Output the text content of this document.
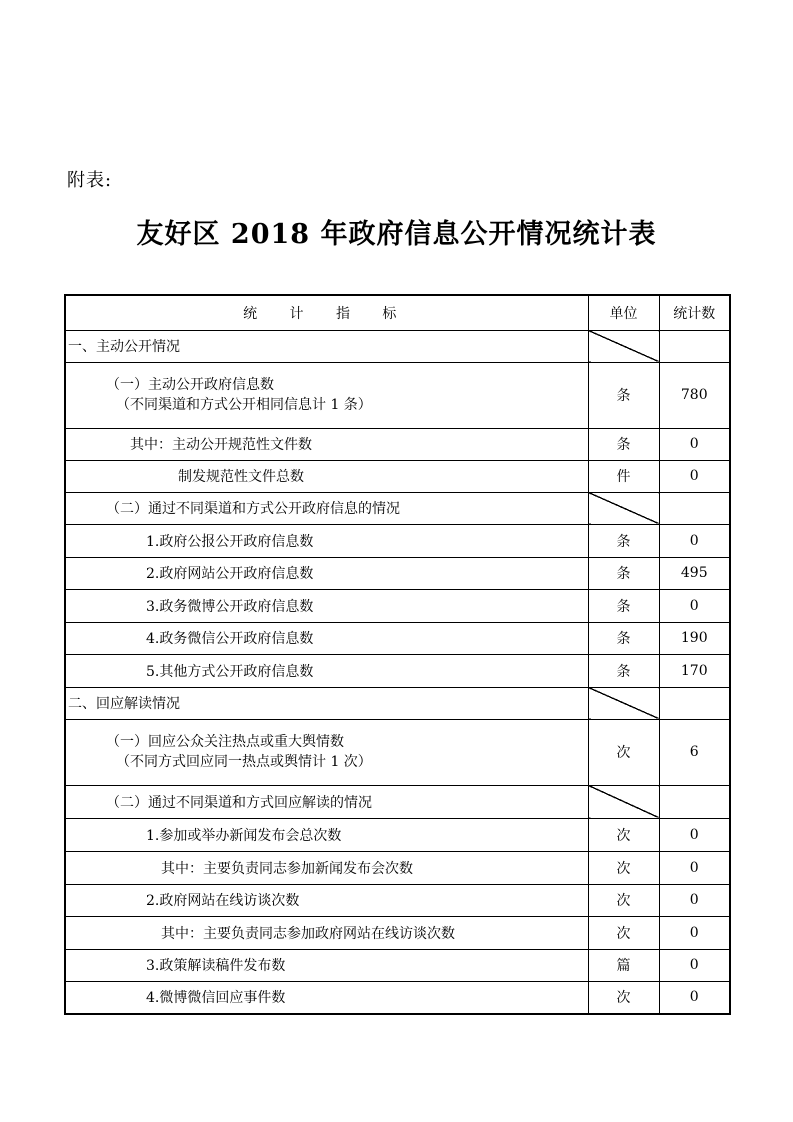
附表:
友好区 2018 年政府信息公开情况统计表
统 计 指 标	单位	统计数
一、主动公开情况		

（一）主动公开政府信息数
（不同渠道和方式公开相同信息计 1 条）	条	780
其中：主动公开规范性文件数	条	0
制发规范性文件总数	件	0
（二）通过不同渠道和方式公开政府信息的情况		
1.政府公报公开政府信息数	条	0
2.政府网站公开政府信息数	条	495
3.政务微博公开政府信息数	条	0
4.政务微信公开政府信息数	条	190
5.其他方式公开政府信息数	条	170
二、回应解读情况		

（一）回应公众关注热点或重大舆情数
（不同方式回应同一热点或舆情计 1 次）	次	6
（二）通过不同渠道和方式回应解读的情况		
1.参加或举办新闻发布会总次数	次	0
其中：主要负责同志参加新闻发布会次数	次	0
2.政府网站在线访谈次数	次	0
其中：主要负责同志参加政府网站在线访谈次数	次	0
3.政策解读稿件发布数	篇	0
4.微博微信回应事件数	次	0
